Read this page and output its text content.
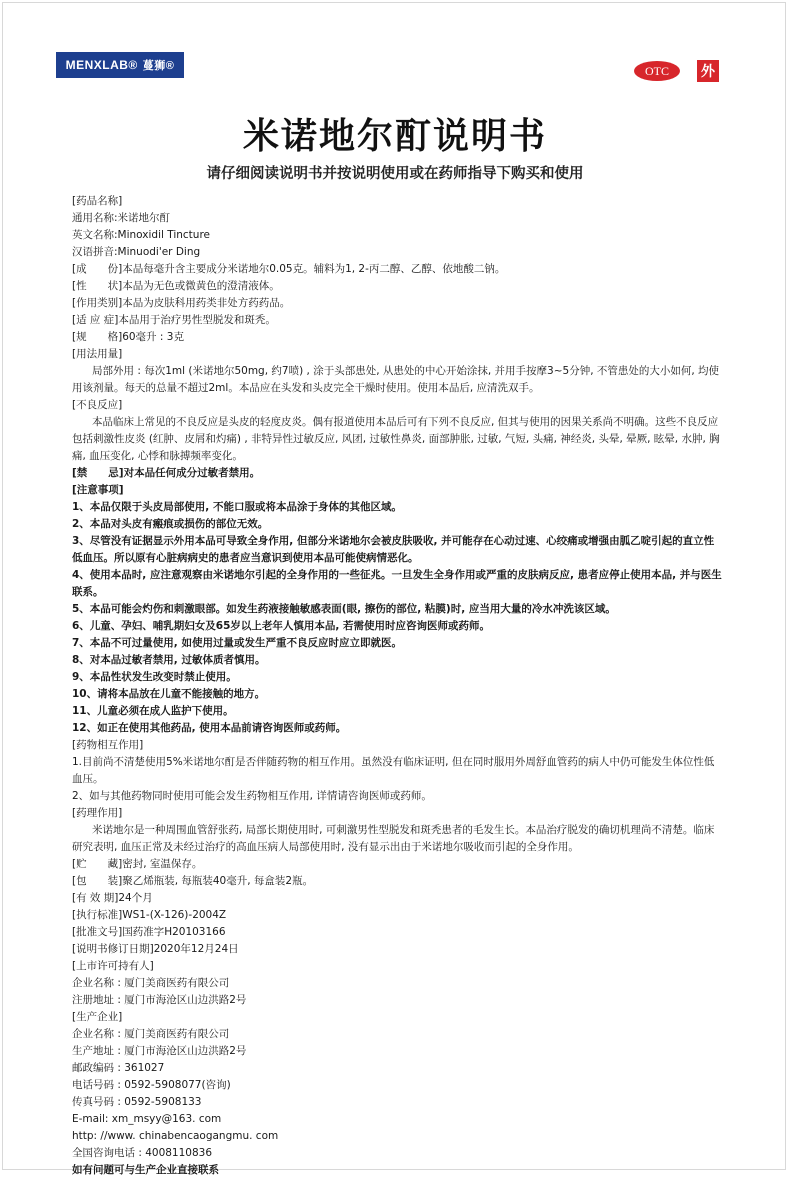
MENXLAB® 蔓狮®	OTC	外
米诺地尔酊说明书
请仔细阅读说明书并按说明使用或在药师指导下购买和使用
[药品名称]
通用名称:米诺地尔酊
英文名称:Minoxidil Tincture
汉语拼音:Minuodi'er Ding
[成　　份]本品每毫升含主要成分米诺地尔0.05克。辅料为1, 2-丙二醇、乙醇、依地酸二钠。
[性　　状]本品为无色或微黄色的澄清液体。
[作用类别]本品为皮肤科用药类非处方药药品。
[适 应 症]本品用于治疗男性型脱发和斑秃。
[规　　格]60毫升 : 3克
[用法用量]
局部外用 : 每次1ml (米诺地尔50mg, 约7喷) , 涂于头部患处, 从患处的中心开始涂抹, 并用手按摩3~5分钟, 不管患处的大小如何, 均使用该剂量。每天的总量不超过2ml。本品应在头发和头皮完全干燥时使用。使用本品后, 应清洗双手。
[不良反应]
本品临床上常见的不良反应是头皮的轻度皮炎。偶有报道使用本品后可有下列不良反应, 但其与使用的因果关系尚不明确。这些不良反应包括刺激性皮炎 (红肿、皮屑和灼痛) , 非特异性过敏反应, 风团, 过敏性鼻炎, 面部肿胀, 过敏, 气短, 头痛, 神经炎, 头晕, 晕厥, 眩晕, 水肿, 胸痛, 血压变化, 心悸和脉搏频率变化。
[禁　　忌]对本品任何成分过敏者禁用。
[注意事项]
1、本品仅限于头皮局部使用, 不能口服或将本品涂于身体的其他区域。
2、本品对头皮有瘢痕或损伤的部位无效。
3、尽管没有证据显示外用本品可导致全身作用, 但部分米诺地尔会被皮肤吸收, 并可能存在心动过速、心绞痛或增强由胍乙啶引起的直立性低血压。所以原有心脏病病史的患者应当意识到使用本品可能使病情恶化。
4、使用本品时, 应注意观察由米诺地尔引起的全身作用的一些征兆。一旦发生全身作用或严重的皮肤病反应, 患者应停止使用本品, 并与医生联系。
5、本品可能会灼伤和刺激眼部。如发生药液接触敏感表面(眼, 擦伤的部位, 粘膜)时, 应当用大量的冷水冲洗该区域。
6、儿童、孕妇、哺乳期妇女及65岁以上老年人慎用本品, 若需使用时应咨询医师或药师。
7、本品不可过量使用, 如使用过量或发生严重不良反应时应立即就医。
8、对本品过敏者禁用, 过敏体质者慎用。
9、本品性状发生改变时禁止使用。
10、请将本品放在儿童不能接触的地方。
11、儿童必须在成人监护下使用。
12、如正在使用其他药品, 使用本品前请咨询医师或药师。
[药物相互作用]
1.目前尚不清楚使用5%米诺地尔酊是否伴随药物的相互作用。虽然没有临床证明, 但在同时服用外周舒血管药的病人中仍可能发生体位性低血压。
2、如与其他药物同时使用可能会发生药物相互作用, 详情请咨询医师或药师。
[药理作用]
米诺地尔是一种周围血管舒张药, 局部长期使用时, 可刺激男性型脱发和斑秃患者的毛发生长。本品治疗脱发的确切机理尚不清楚。临床研究表明, 血压正常及未经过治疗的高血压病人局部使用时, 没有显示出由于米诺地尔吸收而引起的全身作用。
[贮　　藏]密封, 室温保存。
[包　　装]聚乙烯瓶装, 每瓶装40毫升, 每盒装2瓶。
[有 效 期]24个月
[执行标准]WS1-(X-126)-2004Z
[批准文号]国药准字H20103166
[说明书修订日期]2020年12月24日
[上市许可持有人]
企业名称 : 厦门美商医药有限公司
注册地址 : 厦门市海沧区山边洪路2号
[生产企业]
企业名称 : 厦门美商医药有限公司
生产地址 : 厦门市海沧区山边洪路2号
邮政编码 : 361027
电话号码 : 0592-5908077(咨询)
传真号码 : 0592-5908133
E-mail: xm_msyy@163. com
http: //www. chinabencaogangmu. com
全国咨询电话 : 4008110836
如有问题可与生产企业直接联系
